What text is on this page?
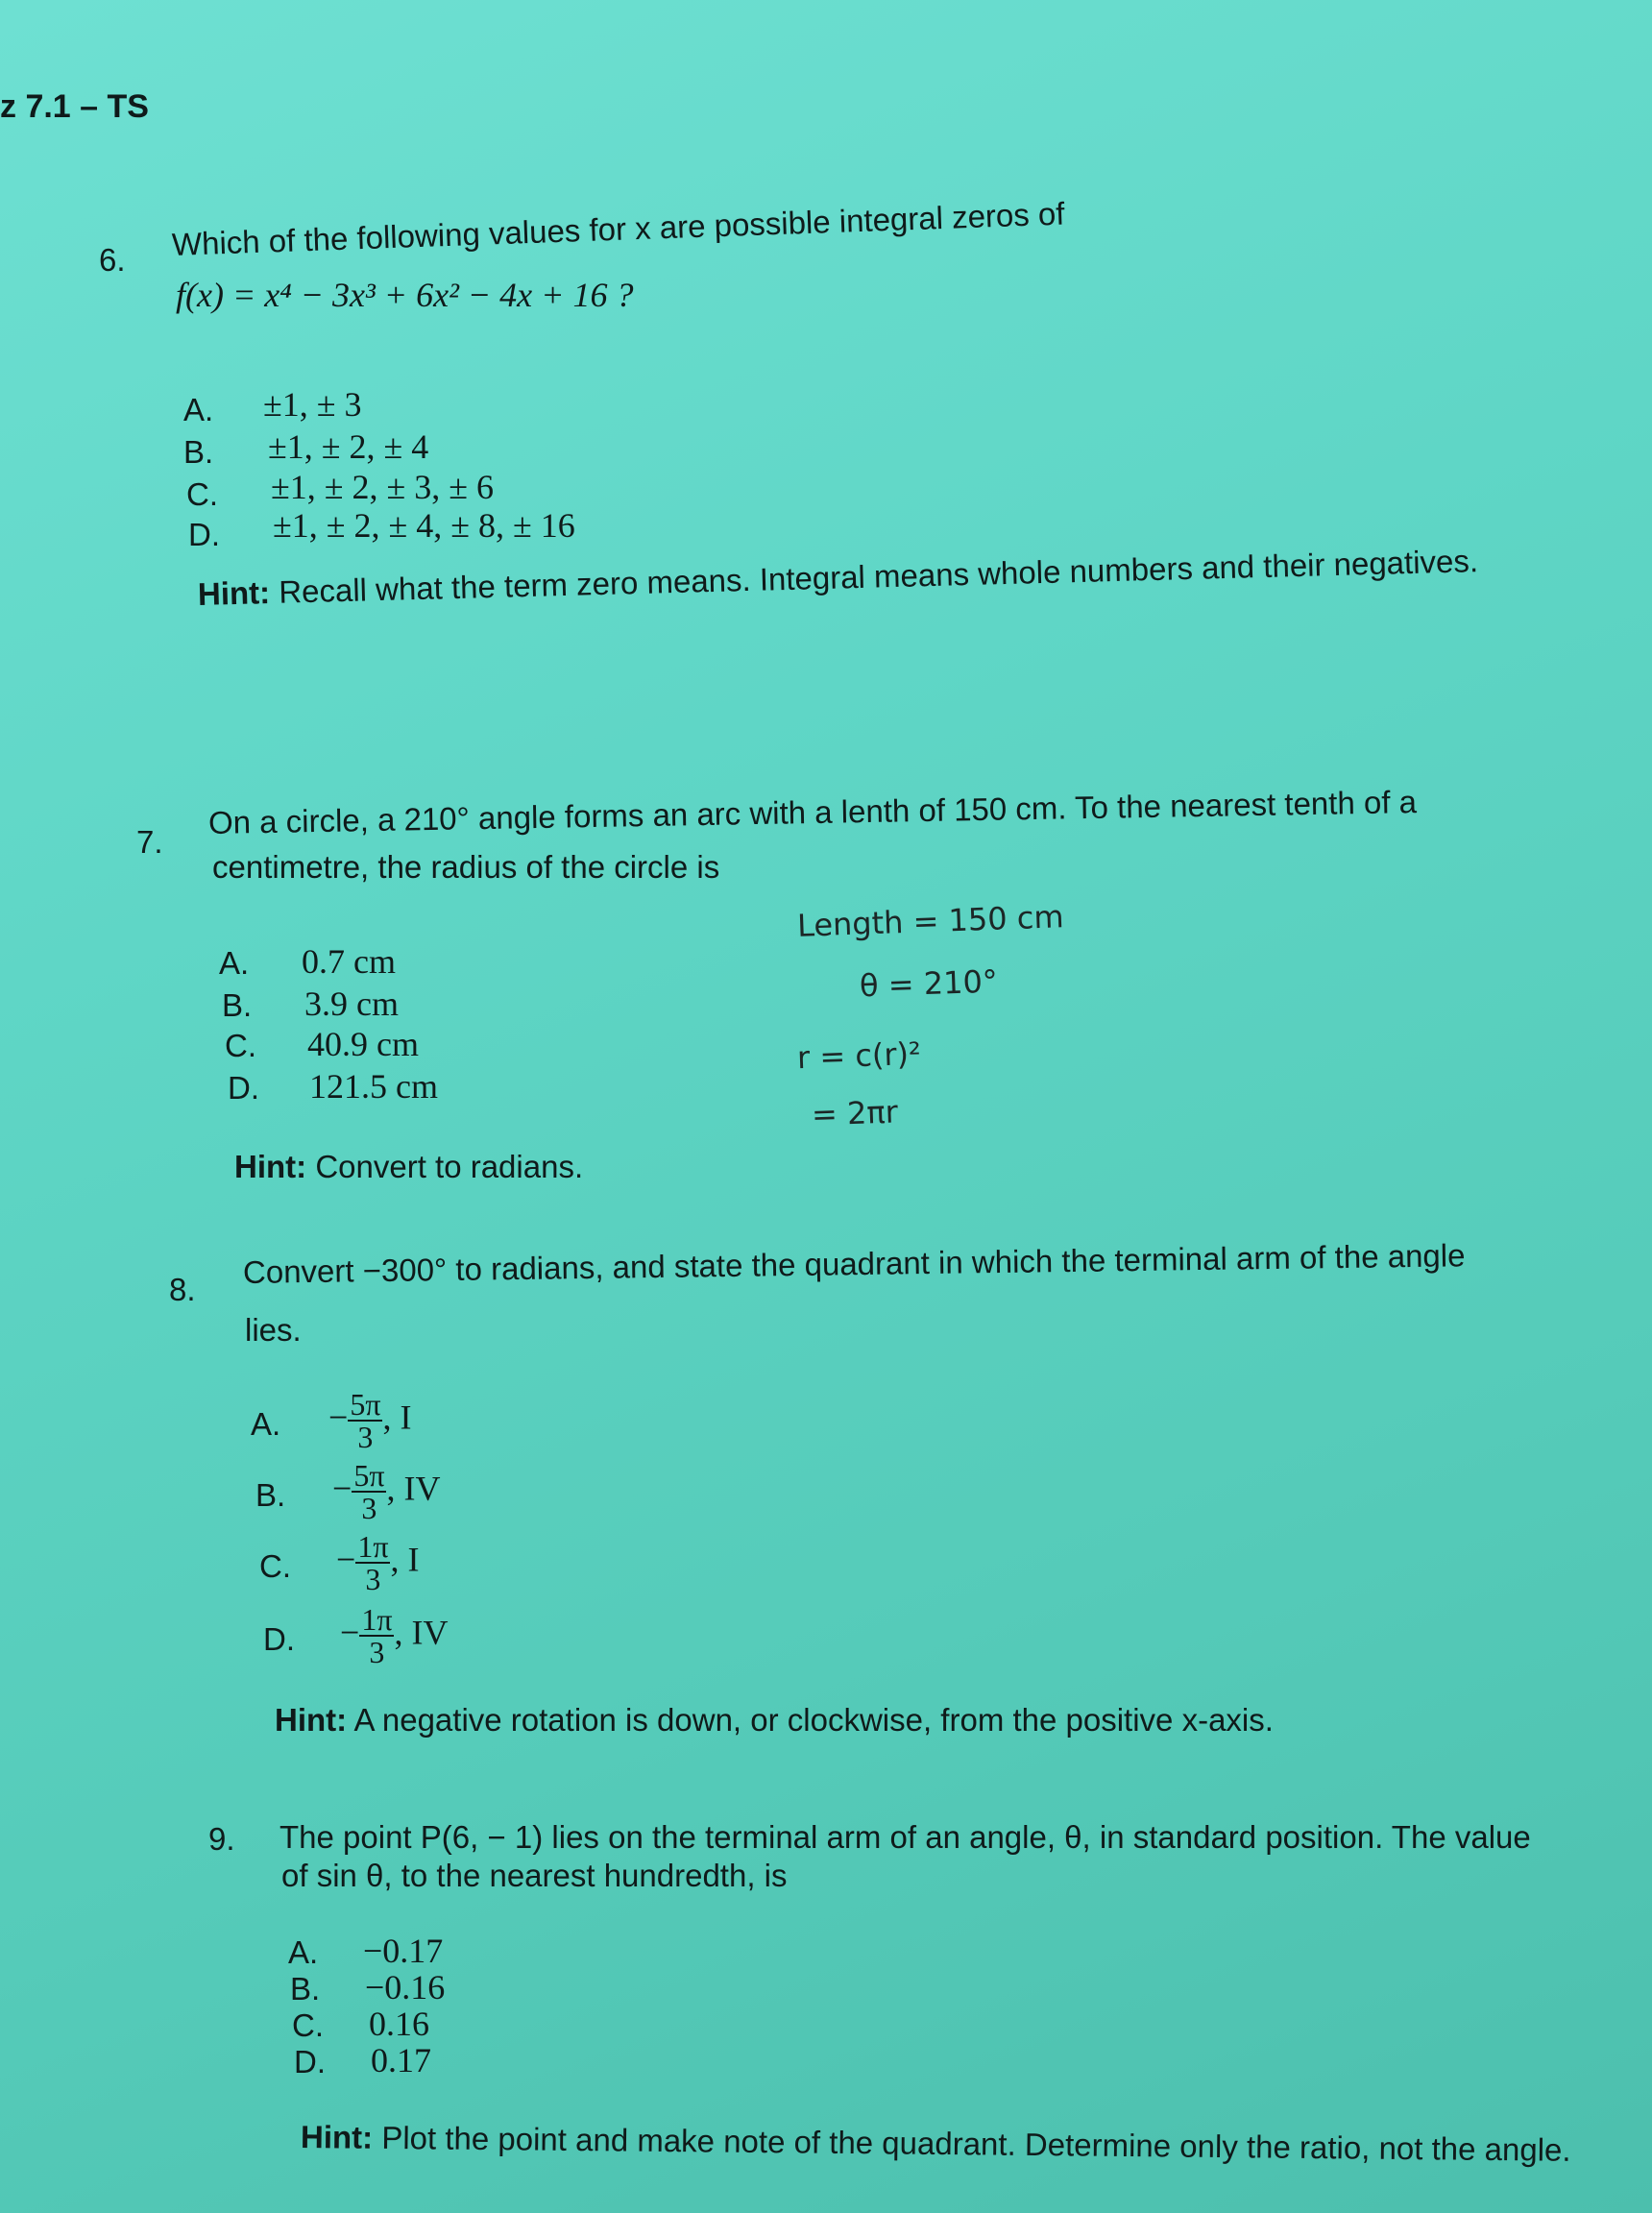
z 7.1 – TS
6. Which of the following values for x are possible integral zeros of
f(x) = x⁴ − 3x³ + 6x² − 4x + 16 ?
A. ±1, ± 3
B. ±1, ± 2, ± 4
C. ±1, ± 2, ± 3, ± 6
D. ±1, ± 2, ± 4, ± 8, ± 16
Hint: Recall what the term zero means. Integral means whole numbers and their negatives.
7.
On a circle, a 210° angle forms an arc with a lenth of 150 cm. To the nearest tenth of a
centimetre, the radius of the circle is
A. 0.7 cm
B. 3.9 cm
C. 40.9 cm
D. 121.5 cm
Hint: Convert to radians.
Length = 150 cm
θ = 210°
r = c(r)²
= 2πr
8. Convert −300° to radians, and state the quadrant in which the terminal arm of the angle
lies.
A. − $\frac{5\pi}{3}$ , I
B. − $\frac{5\pi}{3}$ , IV
C. − $\frac{1\pi}{3}$ , I
D. − $\frac{1\pi}{3}$ , IV
Hint: A negative rotation is down, or clockwise, from the positive x-axis.
9. The point P(6, − 1) lies on the terminal arm of an angle, θ, in standard position. The value
of sin θ, to the nearest hundredth, is
A. −0.17
B. −0.16
C. 0.16
D. 0.17
Hint: Plot the point and make note of the quadrant. Determine only the ratio, not the angle.
